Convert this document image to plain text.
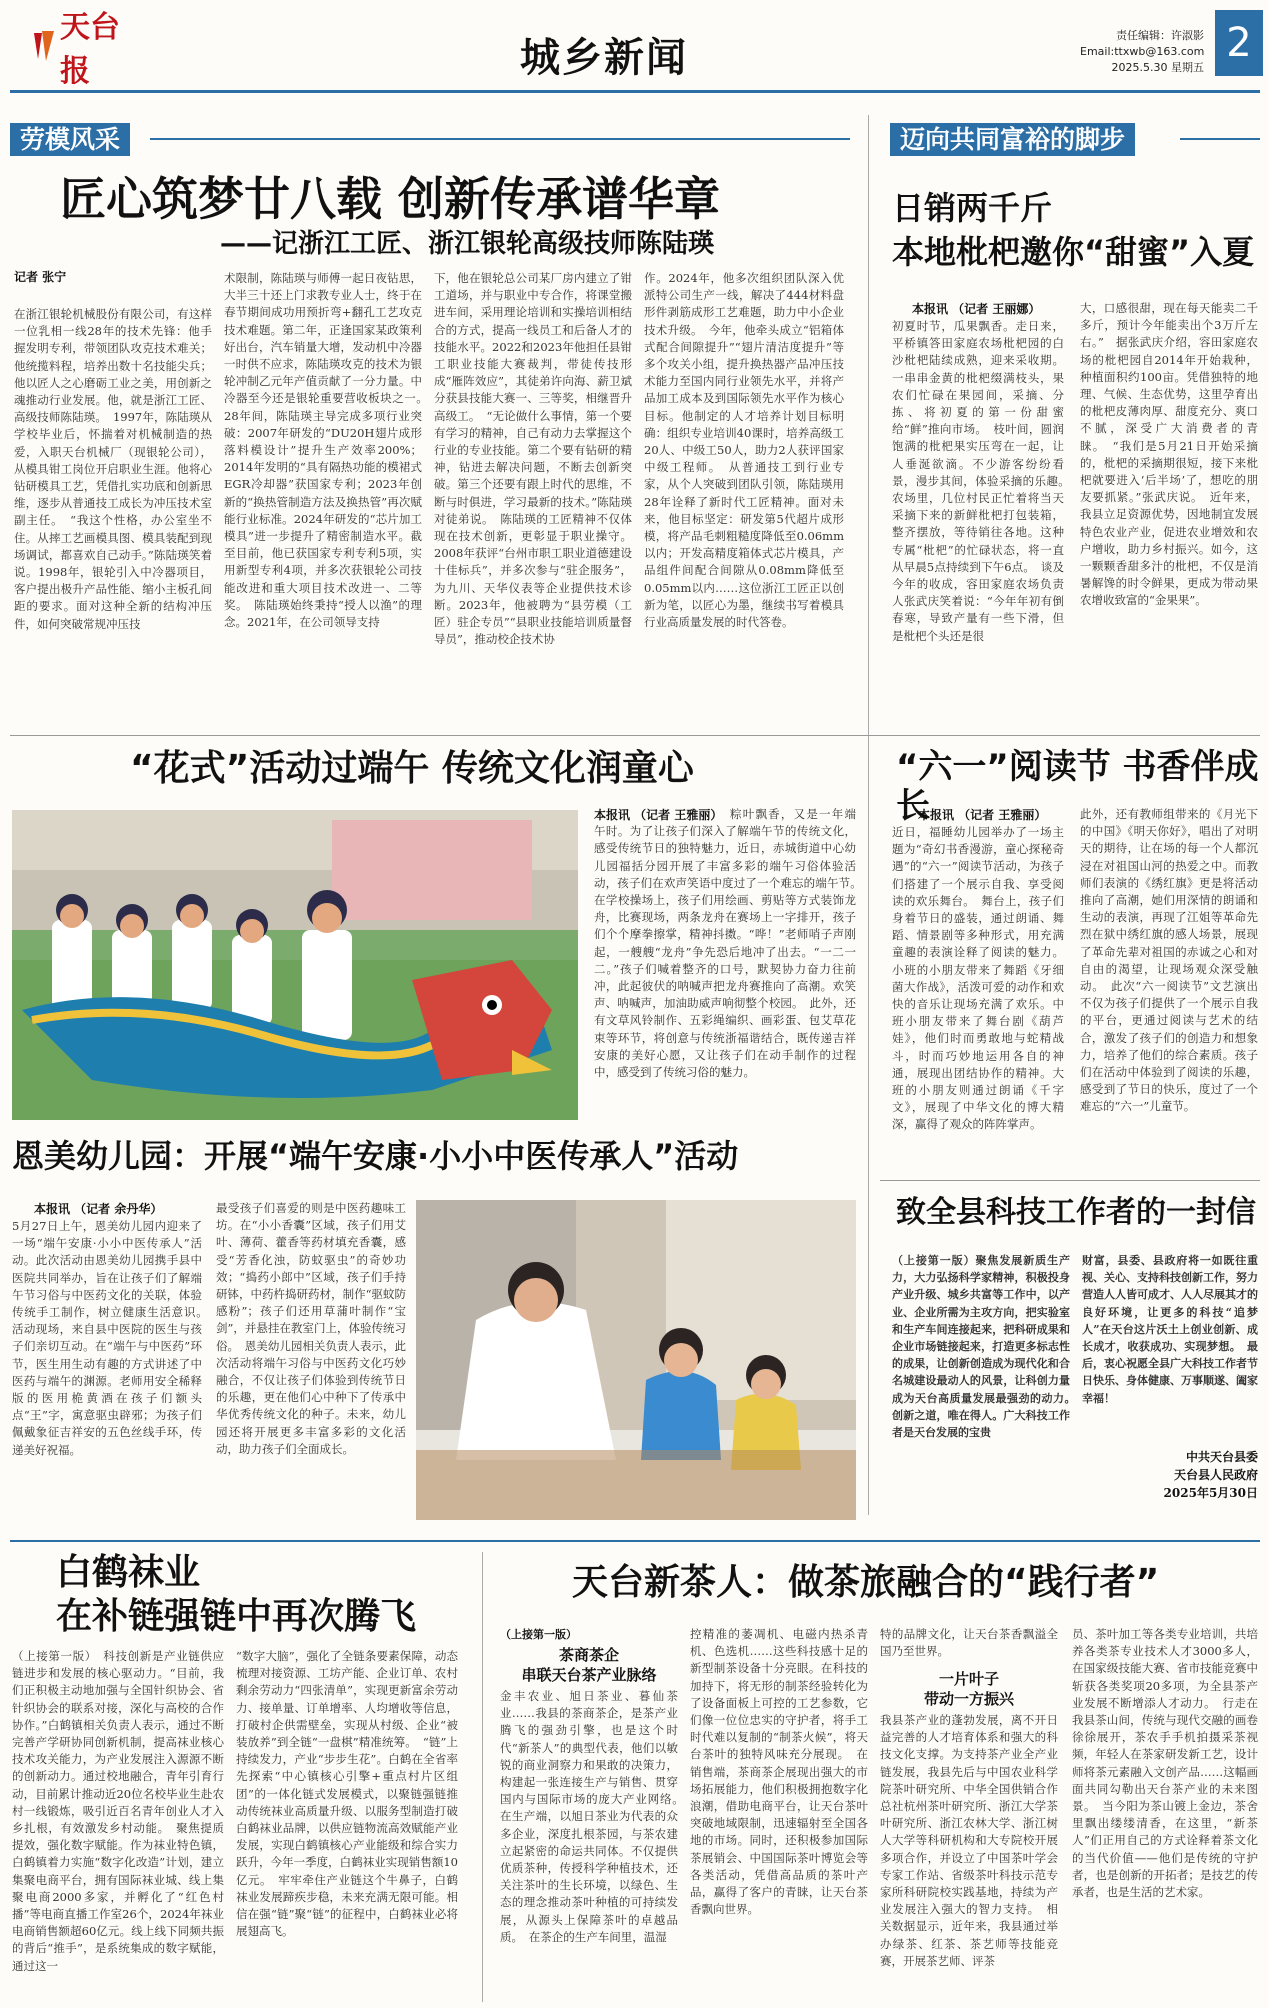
天台报	城乡新闻	责任编辑：许淑影
Email:ttxwb@163.com
2025.5.30 星期五
2
劳模风采
匠心筑梦廿八载 创新传承谱华章
——记浙江工匠、浙江银轮高级技师陈陆瑛
记者 张宁
在浙江银轮机械股份有限公司，有这样一位乳相一线28年的技术先锋：他手握发明专利，带领团队攻克技术难关；他统揽料程，培养出数十名技能尖兵；他以匠人之心磨砺工业之美，用创新之魂推动行业发展。他，就是浙江工匠、高级技师陈陆瑛。　1997年，陈陆瑛从学校毕业后，怀揣着对机械制造的热爱，入职天台机械厂（现银轮公司），从模具钳工岗位开启职业生涯。他将心钻研模具工艺，凭借扎实功底和创新思维，逐步从普通技工成长为冲压技术室副主任。　“我这个性格，办公室坐不住。从摔工艺画模具图、模具装配到现场调试，都喜欢自己动手。”陈陆瑛笑着说。1998年，银轮引入中冷器项目，客户提出极升产品性能、缩小主板孔间距的要求。面对这种全新的结构冲压件，如何突破常规冲压技
术限制，陈陆瑛与师傅一起日夜钻思，大半三十还上门求教专业人士，终于在春节期间成功用预折弯+翻孔工艺攻克技术难题。第二年，正逢国家某政策利好出台，汽车销量大增，发动机中冷器一时供不应求，陈陆瑛攻克的技术为银轮冲制乙元年产值贡献了一分力量。中冷器至今还是银轮重要营收板块之一。　28年间，陈陆瑛主导完成多项行业突破：2007年研发的“DU20H翅片成形落料模设计”提升生产效率200%；2014年发明的“具有隔热功能的模裙式EGR冷却器”获国家专利；2023年创新的“换热管制造方法及换热管”再次赋能行业标准。2024年研发的“芯片加工模具”进一步提升了精密制造水平。截至目前，他已获国家专利专利5项，实用新型专利4项，并多次获银轮公司技能改进和重大项目技术改进一、二等奖。　陈陆瑛始终秉持“授人以渔”的理念。2021年，在公司领导支持
下，他在银轮总公司某厂房内建立了钳工道场，并与职业中专合作，将课堂搬进车间，采用理论培训和实操培训相结合的方式，提高一线员工和后备人才的技能水平。2022和2023年他担任县钳工职业技能大赛裁判，带徒传技形成“雁阵效应”，其徒弟许向海、薪卫斌分获县技能大赛一、三等奖，相继晋升高级工。　“无论做什么事情，第一个要有学习的精神，自己有动力去掌握这个行业的专业技能。第二个要有钻研的精神，钻进去解决问题，不断去创新突破。第三个还要有跟上时代的思维，不断与时俱进，学习最新的技术。”陈陆瑛对徒弟说。　陈陆瑛的工匠精神不仅体现在技术创新，更彰显于职业操守。2008年获评“台州市职工职业道德建设十佳标兵”，并多次参与“驻企服务”，为九川、天华仪表等企业提供技术诊断。2023年，他被聘为“县劳模（工匠）驻企专员”“县职业技能培训质量督导员”，推动校企技术协
作。2024年，他多次组织团队深入优派特公司生产一线，解决了444材料盘形件剥筋成形工艺难题，助力中小企业技术升级。　今年，他牵头成立“铝箱体式配合间隙提升”“翅片清洁度提升”等多个攻关小组，提升换热器产品冲压技术能力至国内同行业领先水平，并将产品加工成本及到国际领先水平作为核心目标。他制定的人才培养计划目标明确：组织专业培训40课时，培养高级工20人、中级工50人，助力2人获评国家中级工程师。　从普通技工到行业专家，从个人突破到团队引领，陈陆瑛用28年诠释了新时代工匠精神。面对未来，他目标坚定：研发第5代超片成形模，将产品毛刺粗糙度降低至0.06mm以内；开发高精度箱体式芯片模具，产品组件间配合间隙从0.08mm降低至0.05mm以内……这位浙江工匠正以创新为笔，以匠心为墨，继续书写着模具行业高质量发展的时代答卷。
迈向共同富裕的脚步
日销两千斤
本地枇杷邀你“甜蜜”入夏
本报讯 （记者 王丽娜）
初夏时节，瓜果飘香。走日来，平桥镇答田家庭农场枇杷园的白沙枇杷陆续成熟，迎来采收期。一串串金黄的枇杷缀满枝头，果农们忙碌在果园间，采摘、分拣、将初夏的第一份甜蜜给“鲜”推向市场。　枝叶间，圆润饱满的枇杷果实压弯在一起，让人垂涎欲滴。不少游客纷纷看景，漫步其间，体验采摘的乐趣。　农场里，几位村民正忙着将当天采摘下来的新鲜枇杷打包装箱，整齐摆放，等待销往各地。这种专属“枇杷”的忙碌状态，将一直从早晨5点持续到下午6点。　谈及今年的收成，容田家庭农场负责人张武庆笑着说：“今年年初有倒春寒，导致产量有一些下滑，但是枇杷个头还是很
大，口感很甜，现在每天能卖二千多斤，预计今年能卖出个3万斤左右。”　据张武庆介绍，容田家庭农场的枇杷园自2014年开始栽种，种植面积约100亩。凭借独特的地理、气候、生态优势，这里孕育出的枇杷皮薄肉厚、甜度充分、爽口不腻，深受广大消费者的青睐。　“我们是5月21日开始采摘的，枇杷的采摘期很短，接下来枇杷就要进入‘后半场’了，想吃的朋友要抓紧。”张武庆说。　近年来，我县立足资源优势，因地制宜发展特色农业产业，促进农业增效和农户增收，助力乡村振兴。如今，这一颗颗香甜多汁的枇杷，不仅是消暑解馋的时令鲜果，更成为带动果农增收致富的“金果果”。
“花式”活动过端午 传统文化润童心
本报讯 （记者 王雅丽） 粽叶飘香，又是一年端午时。为了让孩子们深入了解端午节的传统文化，感受传统节日的独特魅力，近日，赤城街道中心幼儿园福括分园开展了丰富多彩的端午习俗体验活动，孩子们在欢声笑语中度过了一个难忘的端午节。　在学校操场上，孩子们用绘画、剪贴等方式装饰龙舟，比赛现场，两条龙舟在赛场上一字排开，孩子们个个摩拳擦掌，精神抖擞。“哗！”老师哨子声刚起，一艘艘“龙舟”争先恐后地冲了出去。“一二一二。”孩子们喊着整齐的口号，默契协力奋力往前冲，此起彼伏的呐喊声把龙舟赛推向了高潮。欢笑声、呐喊声，加油助威声响彻整个校园。　此外，还有文草风铃制作、五彩绳编织、画彩蛋、包艾草花束等环节，将创意与传统浙福谐结合，既传递吉祥安康的美好心愿，又让孩子们在动手制作的过程中，感受到了传统习俗的魅力。
“六一”阅读节 书香伴成长
本报讯 （记者 王雅丽）
近日，福睡幼儿园举办了一场主题为“奇幻书香漫游，童心探秘奇遇”的“六一”阅读节活动，为孩子们搭建了一个展示自我、享受阅读的欢乐舞台。　舞台上，孩子们身着节日的盛装，通过朗诵、舞蹈、情景剧等多种形式，用充满童趣的表演诠释了阅读的魅力。小班的小朋友带来了舞蹈《牙细菌大作战》，活泼可爱的动作和欢快的音乐让现场充满了欢乐。中班小朋友带来了舞台剧《葫芦娃》，他们时而勇敢地与蛇精战斗，时而巧妙地运用各自的神通，展现出团结协作的精神。大班的小朋友则通过朗诵《千字文》，展现了中华文化的博大精深，赢得了观众的阵阵掌声。
此外，还有教师组带来的《月光下的中国》《明天你好》，唱出了对明天的期待，让在场的每一个人都沉浸在对祖国山河的热爱之中。而教师们表演的《绣红旗》更是将活动推向了高潮，她们用深情的朗诵和生动的表演，再现了江姐等革命先烈在狱中绣红旗的感人场景，展现了革命先辈对祖国的赤诚之心和对自由的渴望，让现场观众深受触动。　此次“六一阅读节”文艺演出不仅为孩子们提供了一个展示自我的平台，更通过阅读与艺术的结合，激发了孩子们的创造力和想象力，培养了他们的综合素质。孩子们在活动中体验到了阅读的乐趣，感受到了节日的快乐，度过了一个难忘的“六一”儿童节。
恩美幼儿园：开展“端午安康·小小中医传承人”活动
本报讯 （记者 余丹华）
5月27日上午，恩美幼儿园内迎来了一场“端午安康·小小中医传承人”活动。此次活动由恩美幼儿园携手县中医院共同举办，旨在让孩子们了解端午节习俗与中医药文化的关联，体验传统手工制作，树立健康生活意识。　活动现场，来自县中医院的医生与孩子们亲切互动。在“端午与中医药”环节，医生用生动有趣的方式讲述了中医药与端午的渊源。老师用安全稀释版的医用桅黄酒在孩子们额头点“王”字，寓意驱虫辟邪；为孩子们佩戴象征吉祥安的五色丝线手环，传递美好祝福。
最受孩子们喜爱的则是中医药趣味工坊。在“小小香囊”区域，孩子们用艾叶、薄荷、藿香等药材填充香囊，感受“芳香化浊，防蚊驱虫”的奇妙功效；“捣药小郎中”区域，孩子们手持研钵，中药杵捣研药材，制作“驱蚊防感粉”；孩子们还用草蒲叶制作“宝剑”，并悬挂在教室门上，体验传统习俗。　恩美幼儿园相关负责人表示，此次活动将端午习俗与中医药文化巧妙融合，不仅让孩子们体验到传统节日的乐趣，更在他们心中种下了传承中华优秀传统文化的种子。未来，幼儿园还将开展更多丰富多彩的文化活动，助力孩子们全面成长。
致全县科技工作者的一封信
（上接第一版）聚焦发展新质生产力，大力弘扬科学家精神，积极投身产业升级、城乡共富等工作中，以产业、企业所需为主攻方向，把实验室和生产车间连接起来，把科研成果和企业市场链接起来，打造更多标志性的成果，让创新创造成为现代化和合名城建设最动人的风景，让科创力量成为天台高质量发展最强劲的动力。　创新之道，唯在得人。广大科技工作者是天台发展的宝贵
财富，县委、县政府将一如既往重视、关心、支持科技创新工作，努力营造人人皆可成才、人人尽展其才的良好环境，让更多的科技“追梦人”在天台这片沃土上创业创新、成长成才，收获成功、实现梦想。　最后，衷心祝愿全县广大科技工作者节日快乐、身体健康、万事顺遂、阖家幸福！
中共天台县委
天台县人民政府
2025年5月30日
白鹤袜业
在补链强链中再次腾飞
（上接第一版）　科技创新是产业链供应链进步和发展的核心驱动力。“目前，我们正积极主动地加强与全国针织协会、省针织协会的联系对接，深化与高校的合作协作。”白鹤镇相关负责人表示，通过不断完善产学研协同创新机制，提高袜业核心技术攻关能力，为产业发展注入源源不断的创新动力。通过校地融合，青年引育行动，目前累计推动近20位名校毕业生赴农村一线锻炼，吸引近百名青年创业人才入乡扎根，有效激发乡村动能。　聚焦提质提效，强化数字赋能。作为袜业特色镇，白鹤镇着力实施“数字化改造”计划，建立集聚电商平台，拥有国际袜业城、线上集聚电商2000多家，并孵化了“红色村播”等电商直播工作室26个，2024年袜业电商销售额超60亿元。线上线下同频共振的背后“推手”，是系统集成的数字赋能，通过这一
“数字大脑”，强化了全链条要素保障，动态梳理对接资源、工坊产能、企业订单、农村剩余劳动力“四张清单”，实现更新富余劳动力、接单量、订单增率、人均增收等信息，打破村企供需壁垒，实现从村级、企业“被装放养”到全链“一盘棋”精准统筹。　“链”上持续发力，产业“步步生花”。白鹤在全省率先探索“中心镇核心引擎+重点村片区组团”的一体化链式发展模式，以聚链强链推动传统袜业高质量升级、以服务型制造打破白鹤袜业品牌，以供应链物流高效赋能产业发展，实现白鹤镇核心产业能级和综合实力跃升，今年一季度，白鹤袜业实现销售额10亿元。　牢牢牵住产业链这个牛鼻子，白鹤袜业发展蹄疾步稳，未来充满无限可能。相信在强“链”聚“链”的征程中，白鹤袜业必将展翅高飞。
天台新茶人：做茶旅融合的“践行者”
（上接第一版）
茶商茶企
串联天台茶产业脉络
金丰农业、旭日茶业、暮仙茶业……我县的茶商茶企，是茶产业腾飞的强劲引擎，也是这个时代“新茶人”的典型代表，他们以敏锐的商业洞察力和果敢的决策力，构建起一张连接生产与销售、贯穿国内与国际市场的庞大产业网络。　在生产端，以旭日茶业为代表的众多企业，深度扎根茶园，与茶农建立起紧密的命运共同体。不仅提供优质茶种，传授科学种植技术，还关注茶叶的生长环境，以绿色、生态的理念推动茶叶种植的可持续发展，从源头上保障茶叶的卓越品质。　在茶企的生产车间里，温湿
控精准的萎凋机、电磁内热杀青机、色选机……这些科技感十足的新型制茶设备十分亮眼。在科技的加持下，将无形的制茶经验转化为了设备面板上可控的工艺参数，它们像一位位忠实的守护者，将手工时代难以复制的“制茶火候”，将天台茶叶的独特风味充分展现。　在销售端，茶商茶企展现出强大的市场拓展能力，他们积极拥抱数字化浪潮，借助电商平台，让天台茶叶突破地域限制，迅速辐射至全国各地的市场。同时，还积极参加国际茶展销会、中国国际茶叶博览会等各类活动，凭借高品质的茶叶产品，赢得了客户的青睐，让天台茶香飘向世界。
特的品牌文化，让天台茶香飘溢全国乃至世界。
一片叶子
带动一方振兴
我县茶产业的蓬勃发展，离不开日益完善的人才培育体系和强大的科技文化支撑。为支持茶产业全产业链发展，我县先后与中国农业科学院茶叶研究所、中华全国供销合作总社杭州茶叶研究所、浙江大学茶叶研究所、浙江农林大学、浙江树人大学等科研机构和大专院校开展多项合作，并设立了中国茶叶学会专家工作站、省级茶叶科技示范专家所科研院校实践基地，持续为产业发展注入强大的智力支持。　相关数据显示，近年来，我县通过举办绿茶、红茶、茶艺师等技能竞赛，开展茶艺师、评茶
员、茶叶加工等各类专业培训，共培养各类茶专业技术人才3000多人，在国家级技能大赛、省市技能竞赛中斩获各类奖项20多项，为全县茶产业发展不断增添人才动力。　行走在我县茶山间，传统与现代交融的画卷徐徐展开，茶农手手机拍摄采茶视频，年轻人在茶家研发新工艺，设计师将茶元素融入文创产品……这幅画面共同勾勒出天台茶产业的未来图景。　当今阳为茶山镀上金边，茶舍里飘出缕缕清香，在这里，“新茶人”们正用自己的方式诠释着茶文化的当代价值——他们是传统的守护者，也是创新的开拓者；是技艺的传承者，也是生活的艺术家。
